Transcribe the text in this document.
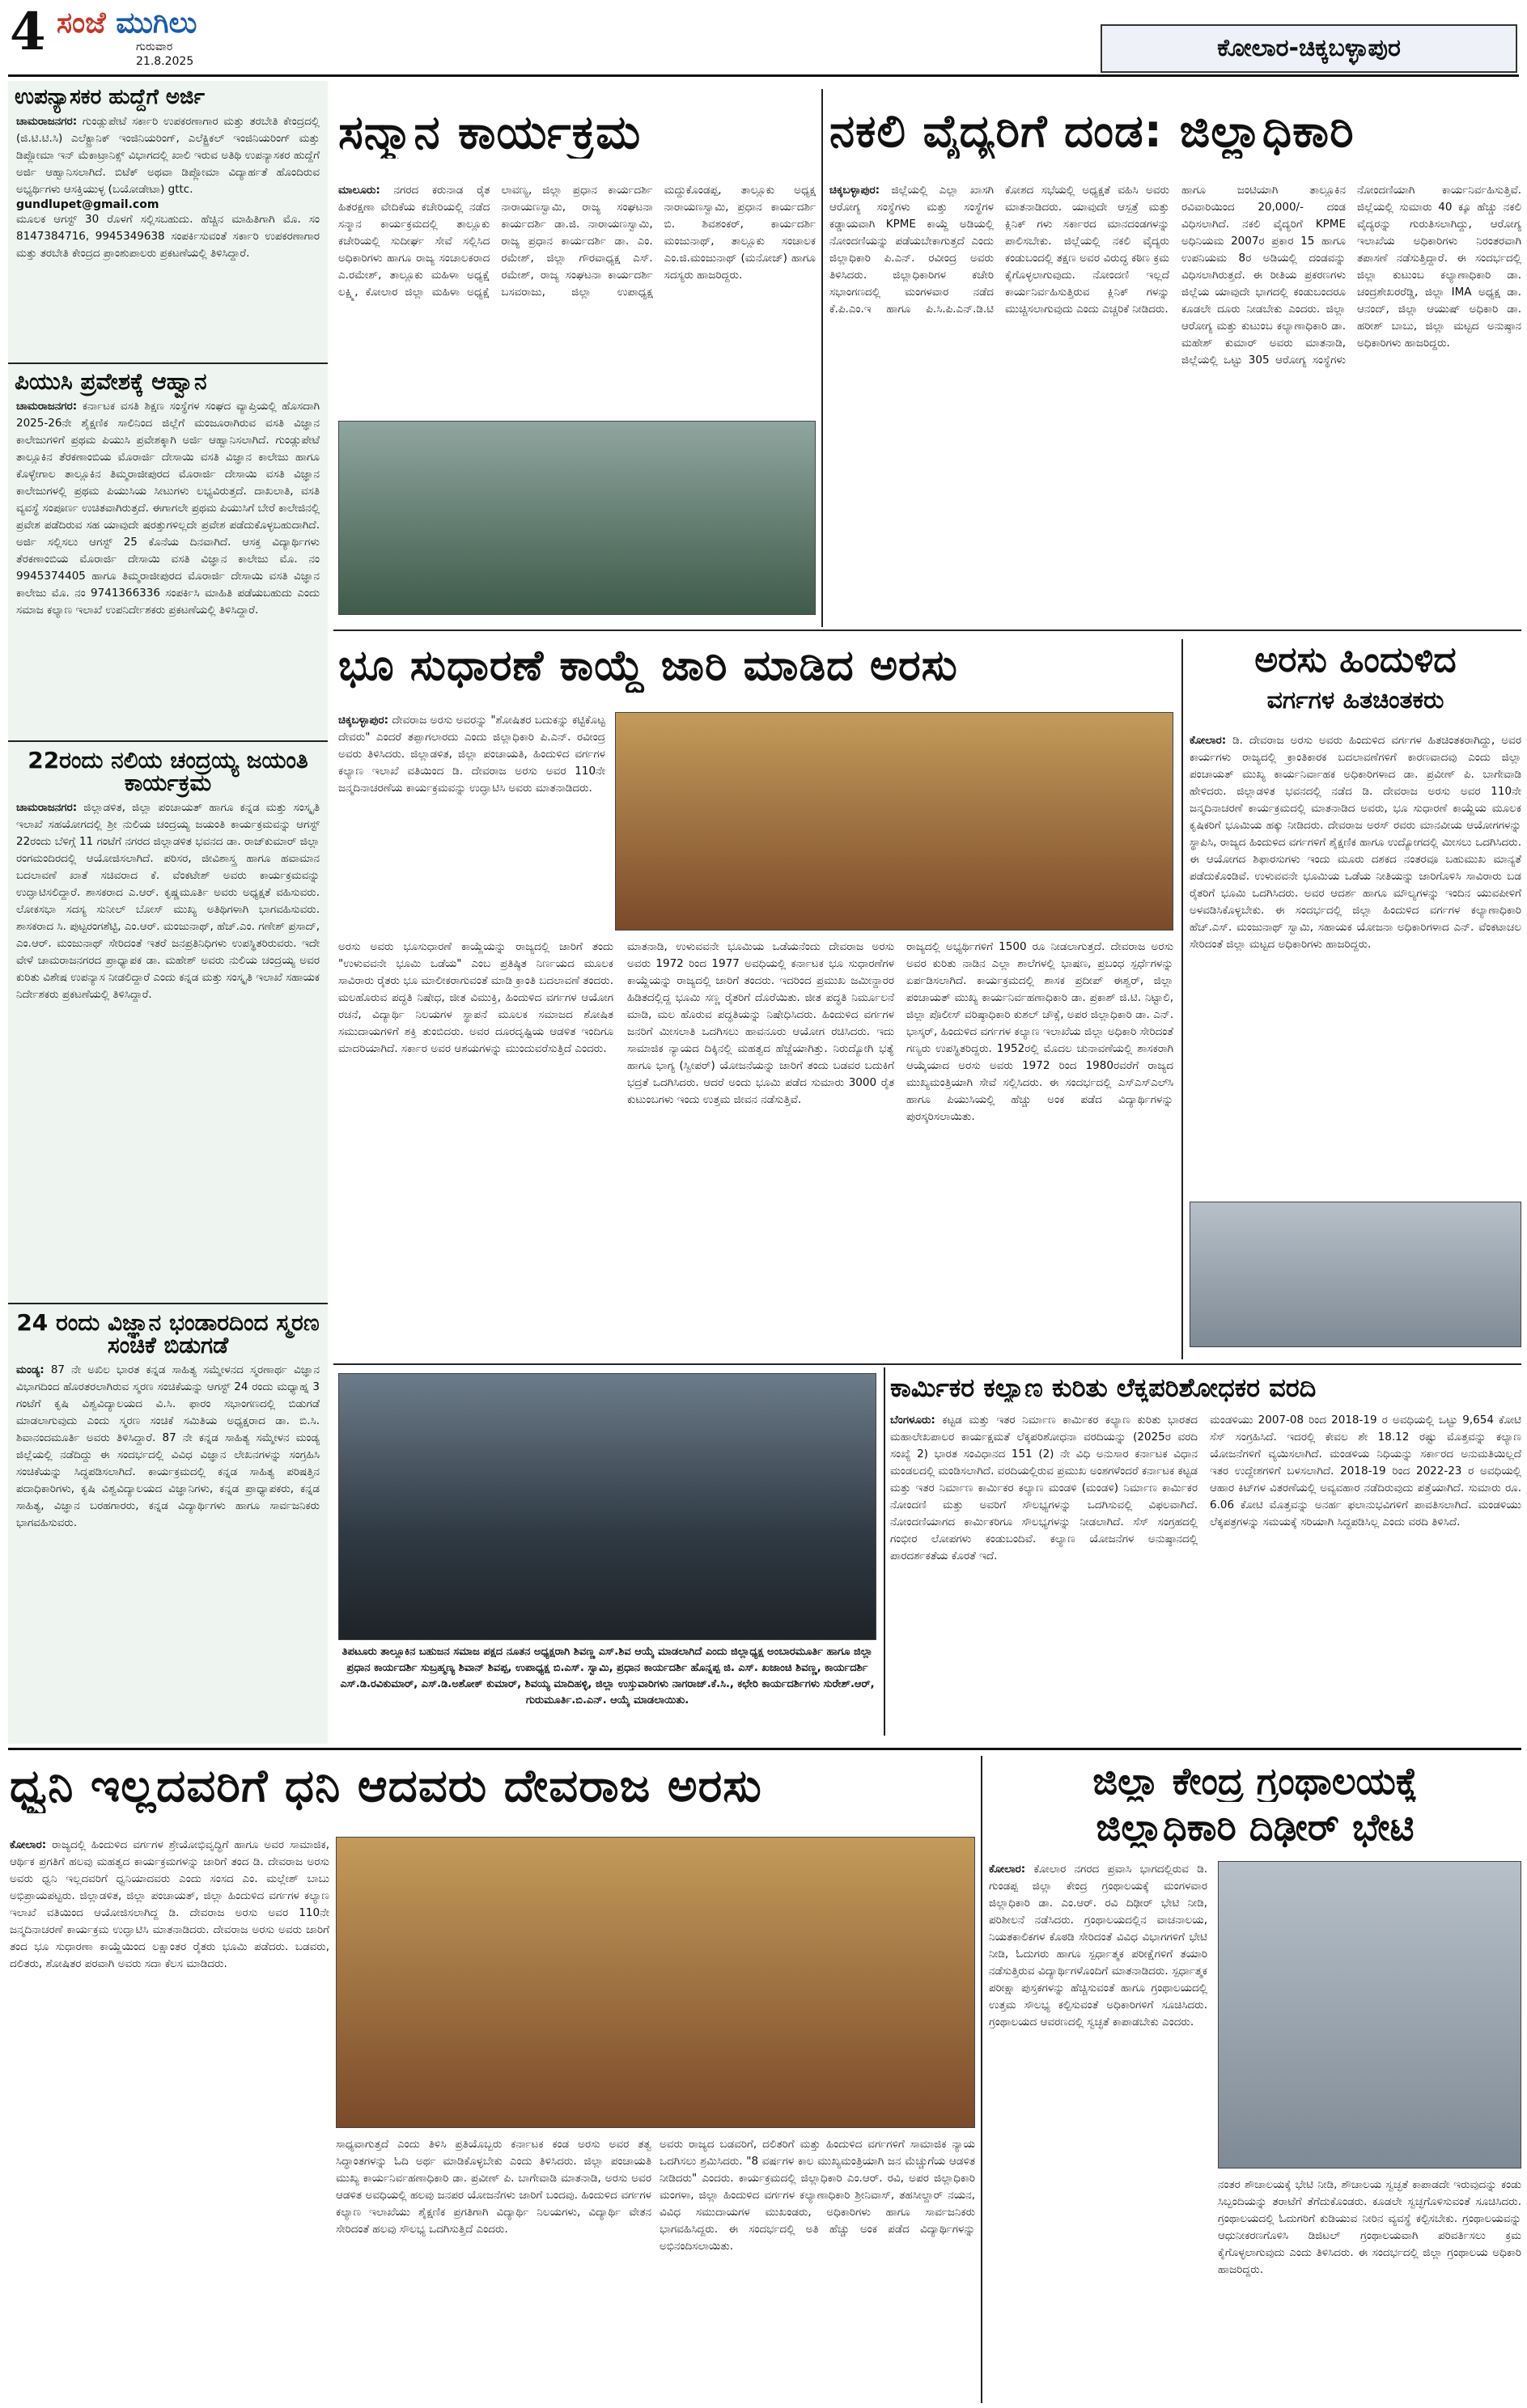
4 ಸಂಜೆ ಮುಗಿಲು
ಗುರುವಾರ
21.8.2025	ಕೋಲಾರ-ಚಿಕ್ಕಬಳ್ಳಾಪುರ
ಉಪನ್ಯಾಸಕರ ಹುದ್ದೆಗೆ ಅರ್ಜಿ
ಚಾಮರಾಜನಗರ: ಗುಂಡ್ಲುಪೇಟೆ ಸರ್ಕಾರಿ ಉಪಕರಣಾಗಾರ ಮತ್ತು ತರಬೇತಿ ಕೇಂದ್ರದಲ್ಲಿ (ಜಿ.ಟಿ.ಟಿ.ಸಿ) ಎಲೆಕ್ಟ್ರಾನಿಕ್ ಇಂಜಿನಿಯರಿಂಗ್, ಎಲೆಕ್ಟ್ರಿಕಲ್ ಇಂಜಿನಿಯರಿಂಗ್ ಮತ್ತು ಡಿಪ್ಲೋಮಾ ಇನ್ ಮೆಕಾಟ್ರಾನಿಕ್ಸ್ ವಿಭಾಗದಲ್ಲಿ ಖಾಲಿ ಇರುವ ಅತಿಥಿ ಉಪನ್ಯಾಸಕರ ಹುದ್ದೆಗೆ ಅರ್ಜಿ ಆಹ್ವಾನಿಸಲಾಗಿದೆ. ಬಿಟೆಕ್ ಅಥವಾ ಡಿಪ್ಲೋಮಾ ವಿದ್ಯಾರ್ಹತೆ ಹೊಂದಿರುವ ಅಭ್ಯರ್ಥಿಗಳು ಆಸಕ್ತಿಯುಳ್ಳ (ಬಯೋಡೇಟಾ) gttc.
gundlupet@gmail.com
ಮೂಲಕ ಆಗಸ್ಟ್ 30 ರೊಳಗೆ ಸಲ್ಲಿಸಬಹುದು. ಹೆಚ್ಚಿನ ಮಾಹಿತಿಗಾಗಿ ಮೊ. ಸಂ 8147384716, 9945349638 ಸಂಪರ್ಕಿಸುವಂತೆ ಸರ್ಕಾರಿ ಉಪಕರಣಾಗಾರ ಮತ್ತು ತರಬೇತಿ ಕೇಂದ್ರದ ಪ್ರಾಂಶುಪಾಲರು ಪ್ರಕಟಣೆಯಲ್ಲಿ ತಿಳಿಸಿದ್ದಾರೆ.
ಪಿಯುಸಿ ಪ್ರವೇಶಕ್ಕೆ ಆಹ್ವಾನ
ಚಾಮರಾಜನಗರ: ಕರ್ನಾಟಕ ವಸತಿ ಶಿಕ್ಷಣ ಸಂಸ್ಥೆಗಳ ಸಂಘದ ವ್ಯಾಪ್ತಿಯಲ್ಲಿ ಹೊಸದಾಗಿ 2025-26ನೇ ಶೈಕ್ಷಣಿಕ ಸಾಲಿನಿಂದ ಜಿಲ್ಲೆಗೆ ಮಂಜೂರಾಗಿರುವ ವಸತಿ ವಿಜ್ಞಾನ ಕಾಲೇಜುಗಳಿಗೆ ಪ್ರಥಮ ಪಿಯುಸಿ ಪ್ರವೇಶಕ್ಕಾಗಿ ಅರ್ಜಿ ಆಹ್ವಾನಿಸಲಾಗಿದೆ. ಗುಂಡ್ಲುಪೇಟೆ ತಾಲ್ಲೂಕಿನ ತೆರಕಣಾಂಬಿಯ ಮೊರಾರ್ಜಿ ದೇಸಾಯಿ ವಸತಿ ವಿಜ್ಞಾನ ಕಾಲೇಜು ಹಾಗೂ ಕೊಳ್ಳೇಗಾಲ ತಾಲ್ಲೂಕಿನ ತಿಮ್ಮರಾಜೀಪುರದ ಮೊರಾರ್ಜಿ ದೇಸಾಯಿ ವಸತಿ ವಿಜ್ಞಾನ ಕಾಲೇಜುಗಳಲ್ಲಿ ಪ್ರಥಮ ಪಿಯುಸಿಯ ಸೀಟುಗಳು ಲಭ್ಯವಿರುತ್ತದೆ. ದಾಖಲಾತಿ, ವಸತಿ ವ್ಯವಸ್ಥೆ ಸಂಪೂರ್ಣ ಉಚಿತವಾಗಿರುತ್ತದೆ. ಈಗಾಗಲೇ ಪ್ರಥಮ ಪಿಯುಸಿಗೆ ಬೇರೆ ಕಾಲೇಜಿನಲ್ಲಿ ಪ್ರವೇಶ ಪಡೆದಿರುವ ಸಹ ಯಾವುದೇ ಷರತ್ತುಗಳಿಲ್ಲದೇ ಪ್ರವೇಶ ಪಡೆದುಕೊಳ್ಳಬಹುದಾಗಿದೆ. ಅರ್ಜಿ ಸಲ್ಲಿಸಲು ಆಗಸ್ಟ್ 25 ಕೊನೆಯ ದಿನವಾಗಿದೆ. ಆಸಕ್ತ ವಿದ್ಯಾರ್ಥಿಗಳು ತೆರಕಣಾಂಬಿಯ ಮೊರಾರ್ಜಿ ದೇಸಾಯಿ ವಸತಿ ವಿಜ್ಞಾನ ಕಾಲೇಜು ಮೊ. ನಂ 9945374405 ಹಾಗೂ ತಿಮ್ಮರಾಜೀಪುರದ ಮೊರಾರ್ಜಿ ದೇಸಾಯಿ ವಸತಿ ವಿಜ್ಞಾನ ಕಾಲೇಜು ಮೊ. ನಂ 9741366336 ಸಂಪರ್ಕಿಸಿ ಮಾಹಿತಿ ಪಡೆಯಬಹುದು ಎಂದು ಸಮಾಜ ಕಲ್ಯಾಣ ಇಲಾಖೆ ಉಪನಿರ್ದೇಶಕರು ಪ್ರಕಟಣೆಯಲ್ಲಿ ತಿಳಿಸಿದ್ದಾರೆ.
22ರಂದು ನಲಿಯ ಚಂದ್ರಯ್ಯ ಜಯಂತಿ ಕಾರ್ಯಕ್ರಮ
ಚಾಮರಾಜನಗರ: ಜಿಲ್ಲಾಡಳಿತ, ಜಿಲ್ಲಾ ಪಂಚಾಯತ್ ಹಾಗೂ ಕನ್ನಡ ಮತ್ತು ಸಂಸ್ಕೃತಿ ಇಲಾಖೆ ಸಹಯೋಗದಲ್ಲಿ ಶ್ರೀ ನುಲಿಯ ಚಂದ್ರಯ್ಯ ಜಯಂತಿ ಕಾರ್ಯಕ್ರಮವನ್ನು ಆಗಸ್ಟ್ 22ರಂದು ಬೆಳಿಗ್ಗೆ 11 ಗಂಟೆಗೆ ನಗರದ ಜಿಲ್ಲಾಡಳಿತ ಭವನದ ಡಾ. ರಾಜ್‍ಕುಮಾರ್ ಜಿಲ್ಲಾ ರಂಗಮಂದಿರದಲ್ಲಿ ಆಯೋಜಿಸಲಾಗಿದೆ. ಪರಿಸರ, ಜೀವಿಶಾಸ್ತ್ರ ಹಾಗೂ ಹವಾಮಾನ ಬದಲಾವಣೆ ಖಾತೆ ಸಚಿವರಾದ ಕೆ. ವೆಂಕಟೇಶ್ ಅವರು ಕಾರ್ಯಕ್ರಮವನ್ನು ಉದ್ಘಾಟಿಸಲಿದ್ದಾರೆ. ಶಾಸಕರಾದ ಎ.ಆರ್. ಕೃಷ್ಣಮೂರ್ತಿ ಅವರು ಅಧ್ಯಕ್ಷತೆ ವಹಿಸುವರು. ಲೋಕಸಭಾ ಸದಸ್ಯ ಸುನೀಲ್ ಬೋಸ್ ಮುಖ್ಯ ಅತಿಥಿಗಳಾಗಿ ಭಾಗವಹಿಸುವರು. ಶಾಸಕರಾದ ಸಿ. ಪುಟ್ಟರಂಗಶೆಟ್ಟಿ, ಎಂ.ಆರ್. ಮಂಜುನಾಥ್, ಹೆಚ್.ಎಂ. ಗಣೇಶ್ ಪ್ರಸಾದ್, ಎಂ.ಆರ್. ಮಂಜುನಾಥ್ ಸೇರಿದಂತೆ ಇತರೆ ಜನಪ್ರತಿನಿಧಿಗಳು ಉಪಸ್ಥಿತರಿರುವರು. ಇದೇ ವೇಳೆ ಚಾಮರಾಜನಗರದ ಪ್ರಾಧ್ಯಾಪಕ ಡಾ. ಮಹೇಶ್ ಅವರು ನುಲಿಯ ಚಂದ್ರಯ್ಯ ಅವರ ಕುರಿತು ವಿಶೇಷ ಉಪನ್ಯಾಸ ನೀಡಲಿದ್ದಾರೆ ಎಂದು ಕನ್ನಡ ಮತ್ತು ಸಂಸ್ಕೃತಿ ಇಲಾಖೆ ಸಹಾಯಕ ನಿರ್ದೇಶಕರು ಪ್ರಕಟಣೆಯಲ್ಲಿ ತಿಳಿಸಿದ್ದಾರೆ.
24 ರಂದು ವಿಜ್ಞಾನ ಭಂಡಾರದಿಂದ ಸ್ಮರಣ ಸಂಚಿಕೆ ಬಿಡುಗಡೆ
ಮಂಡ್ಯ: 87 ನೇ ಅಖಿಲ ಭಾರತ ಕನ್ನಡ ಸಾಹಿತ್ಯ ಸಮ್ಮೇಳನದ ಸ್ಮರಣಾರ್ಥ ವಿಜ್ಞಾನ ವಿಭಾಗದಿಂದ ಹೊರತರಲಾಗಿರುವ ಸ್ಮರಣ ಸಂಚಿಕೆಯನ್ನು ಆಗಸ್ಟ್ 24 ರಂದು ಮಧ್ಯಾಹ್ನ 3 ಗಂಟೆಗೆ ಕೃಷಿ ವಿಶ್ವವಿದ್ಯಾಲಯದ ವಿ.ಸಿ. ಫಾರಂ ಸಭಾಂಗಣದಲ್ಲಿ ಬಿಡುಗಡೆ ಮಾಡಲಾಗುವುದು ಎಂದು ಸ್ಮರಣ ಸಂಚಿಕೆ ಸಮಿತಿಯ ಅಧ್ಯಕ್ಷರಾದ ಡಾ. ಬಿ.ಸಿ. ಶಿವಾನಂದಮೂರ್ತಿ ಅವರು ತಿಳಿಸಿದ್ದಾರೆ. 87 ನೇ ಕನ್ನಡ ಸಾಹಿತ್ಯ ಸಮ್ಮೇಳನ ಮಂಡ್ಯ ಜಿಲ್ಲೆಯಲ್ಲಿ ನಡೆದಿದ್ದು ಈ ಸಂದರ್ಭದಲ್ಲಿ ವಿವಿಧ ವಿಜ್ಞಾನ ಲೇಖನಗಳನ್ನು ಸಂಗ್ರಹಿಸಿ ಸಂಚಿಕೆಯನ್ನು ಸಿದ್ಧಪಡಿಸಲಾಗಿದೆ. ಕಾರ್ಯಕ್ರಮದಲ್ಲಿ ಕನ್ನಡ ಸಾಹಿತ್ಯ ಪರಿಷತ್ತಿನ ಪದಾಧಿಕಾರಿಗಳು, ಕೃಷಿ ವಿಶ್ವವಿದ್ಯಾಲಯದ ವಿಜ್ಞಾನಿಗಳು, ಕನ್ನಡ ಪ್ರಾಧ್ಯಾಪಕರು, ಕನ್ನಡ ಸಾಹಿತ್ಯ, ವಿಜ್ಞಾನ ಬರಹಗಾರರು, ಕನ್ನಡ ವಿದ್ಯಾರ್ಥಿಗಳು ಹಾಗೂ ಸಾರ್ವಜನಿಕರು ಭಾಗವಹಿಸುವರು.
ಸನ್ಮಾನ ಕಾರ್ಯಕ್ರಮ
ಮಾಲೂರು: ನಗರದ ಕರುನಾಡ ರೈತ ಹಿತರಕ್ಷಣಾ ವೇದಿಕೆಯ ಕಚೇರಿಯಲ್ಲಿ ನಡೆದ ಸನ್ಮಾನ ಕಾರ್ಯಕ್ರಮದಲ್ಲಿ ತಾಲ್ಲೂಕು ಕಚೇರಿಯಲ್ಲಿ ಸುದೀರ್ಘ ಸೇವೆ ಸಲ್ಲಿಸಿದ ಅಧಿಕಾರಿಗಳು ಹಾಗೂ ರಾಜ್ಯ ಸಂಚಾಲಕರಾದ ಎ.ರಮೇಶ್, ತಾಲ್ಲೂಕು ಮಹಿಳಾ ಅಧ್ಯಕ್ಷೆ ಲಕ್ಷ್ಮಿ, ಕೋಲಾರ ಜಿಲ್ಲಾ ಮಹಿಳಾ ಅಧ್ಯಕ್ಷೆ ಲಾವಣ್ಯ, ಜಿಲ್ಲಾ ಪ್ರಧಾನ ಕಾರ್ಯದರ್ಶಿ ನಾರಾಯಣಸ್ವಾಮಿ, ರಾಜ್ಯ ಸಂಘಟನಾ ಕಾರ್ಯದರ್ಶಿ ಡಾ.ಜಿ. ನಾರಾಯಣಸ್ವಾಮಿ, ರಾಜ್ಯ ಪ್ರಧಾನ ಕಾರ್ಯದರ್ಶಿ ಡಾ. ಎಂ. ರಮೇಶ್, ಜಿಲ್ಲಾ ಗೌರವಾಧ್ಯಕ್ಷ ಎಸ್. ರಮೇಶ್, ರಾಜ್ಯ ಸಂಘಟನಾ ಕಾರ್ಯದರ್ಶಿ ಬಸವರಾಜು, ಜಿಲ್ಲಾ ಉಪಾಧ್ಯಕ್ಷ ಮದ್ದುಕೊಂಡಪ್ಪ, ತಾಲ್ಲೂಕು ಅಧ್ಯಕ್ಷ ನಾರಾಯಣಸ್ವಾಮಿ, ಪ್ರಧಾನ ಕಾರ್ಯದರ್ಶಿ ಬಿ. ಶಿವಶಂಕರ್, ಕಾರ್ಯದರ್ಶಿ ಮಂಜುನಾಥ್, ತಾಲ್ಲೂಕು ಸಂಚಾಲಕ ಎಂ.ಜಿ.ಮಂಜುನಾಥ್ (ಮನೋಜ್) ಹಾಗೂ ಸದಸ್ಯರು ಹಾಜರಿದ್ದರು.
ನಕಲಿ ವೈದ್ಯರಿಗೆ ದಂಡ: ಜಿಲ್ಲಾಧಿಕಾರಿ
ಚಿಕ್ಕಬಳ್ಳಾಪುರ: ಜಿಲ್ಲೆಯಲ್ಲಿ ಎಲ್ಲಾ ಖಾಸಗಿ ಆರೋಗ್ಯ ಸಂಸ್ಥೆಗಳು ಮತ್ತು ಸಂಸ್ಥೆಗಳ ಕಡ್ಡಾಯವಾಗಿ KPME ಕಾಯ್ದೆ ಅಡಿಯಲ್ಲಿ ನೋಂದಣಿಯನ್ನು ಪಡೆಯಬೇಕಾಗುತ್ತದೆ ಎಂದು ಜಿಲ್ಲಾಧಿಕಾರಿ ಪಿ.ಎನ್. ರವೀಂದ್ರ ಅವರು ತಿಳಿಸಿದರು. ಜಿಲ್ಲಾಧಿಕಾರಿಗಳ ಕಚೇರಿ ಸಭಾಂಗಣದಲ್ಲಿ ಮಂಗಳವಾರ ನಡೆದ ಕೆ.ಪಿ.ಎಂ.ಇ ಹಾಗೂ ಪಿ.ಸಿ.ಪಿ.ಎನ್.ಡಿ.ಟಿ ಕೋಶದ ಸಭೆಯಲ್ಲಿ ಅಧ್ಯಕ್ಷತೆ ವಹಿಸಿ ಅವರು ಮಾತನಾಡಿದರು. ಯಾವುದೇ ಆಸ್ಪತ್ರೆ ಮತ್ತು ಕ್ಲಿನಿಕ್ ಗಳು ಸರ್ಕಾರದ ಮಾನದಂಡಗಳನ್ನು ಪಾಲಿಸಬೇಕು. ಜಿಲ್ಲೆಯಲ್ಲಿ ನಕಲಿ ವೈದ್ಯರು ಕಂಡುಬಂದಲ್ಲಿ ತಕ್ಷಣ ಅವರ ವಿರುದ್ಧ ಕಠಿಣ ಕ್ರಮ ಕೈಗೊಳ್ಳಲಾಗುವುದು. ನೋಂದಣಿ ಇಲ್ಲದೆ ಕಾರ್ಯನಿರ್ವಹಿಸುತ್ತಿರುವ ಕ್ಲಿನಿಕ್ ಗಳನ್ನು ಮುಚ್ಚಿಸಲಾಗುವುದು ಎಂದು ಎಚ್ಚರಿಕೆ ನೀಡಿದರು.
ಹಾಗೂ ಜಂಟಿಯಾಗಿ ತಾಲ್ಲೂಕಿನ ರವಿವಾರಿಯಿಂದ 20,000/- ದಂಡ ವಿಧಿಸಲಾಗಿದೆ. ನಕಲಿ ವೈದ್ಯರಿಗೆ KPME ಅಧಿನಿಯಮ 2007ರ ಪ್ರಕಾರ 15 ಹಾಗೂ ಉಪನಿಯಮ 8ರ ಅಡಿಯಲ್ಲಿ ದಂಡವನ್ನು ವಿಧಿಸಲಾಗಿರುತ್ತದೆ. ಈ ರೀತಿಯ ಪ್ರಕರಣಗಳು ಜಿಲ್ಲೆಯ ಯಾವುದೇ ಭಾಗದಲ್ಲಿ ಕಂಡುಬಂದರೂ ಕೂಡಲೇ ದೂರು ನೀಡಬೇಕು ಎಂದರು. ಜಿಲ್ಲಾ ಆರೋಗ್ಯ ಮತ್ತು ಕುಟುಂಬ ಕಲ್ಯಾಣಾಧಿಕಾರಿ ಡಾ. ಮಹೇಶ್ ಕುಮಾರ್ ಅವರು ಮಾತನಾಡಿ, ಜಿಲ್ಲೆಯಲ್ಲಿ ಒಟ್ಟು 305 ಆರೋಗ್ಯ ಸಂಸ್ಥೆಗಳು ನೋಂದಣಿಯಾಗಿ ಕಾರ್ಯನಿರ್ವಹಿಸುತ್ತಿವೆ. ಜಿಲ್ಲೆಯಲ್ಲಿ ಸುಮಾರು 40 ಕ್ಕೂ ಹೆಚ್ಚು ನಕಲಿ ವೈದ್ಯರನ್ನು ಗುರುತಿಸಲಾಗಿದ್ದು, ಆರೋಗ್ಯ ಇಲಾಖೆಯ ಅಧಿಕಾರಿಗಳು ನಿರಂತರವಾಗಿ ತಪಾಸಣೆ ನಡೆಸುತ್ತಿದ್ದಾರೆ. ಈ ಸಂದರ್ಭದಲ್ಲಿ ಜಿಲ್ಲಾ ಕುಟುಂಬ ಕಲ್ಯಾಣಾಧಿಕಾರಿ ಡಾ. ಚಂದ್ರಶೇಖರರೆಡ್ಡಿ, ಜಿಲ್ಲಾ IMA ಅಧ್ಯಕ್ಷ ಡಾ. ಆನಂದ್, ಜಿಲ್ಲಾ ಆಯುಷ್ ಅಧಿಕಾರಿ ಡಾ. ಹರೀಶ್ ಬಾಬು, ಜಿಲ್ಲಾ ಮಟ್ಟದ ಅನುಷ್ಠಾನ ಅಧಿಕಾರಿಗಳು ಹಾಜರಿದ್ದರು.
ಭೂ ಸುಧಾರಣೆ ಕಾಯ್ದೆ ಜಾರಿ ಮಾಡಿದ ಅರಸು
ಚಿಕ್ಕಬಳ್ಳಾಪುರ: ದೇವರಾಜ ಅರಸು ಅವರನ್ನು "ಶೋಷಿತರ ಬದುಕನ್ನು ಕಟ್ಟಿಕೊಟ್ಟ ದೇವರು" ಎಂದರೆ ತಪ್ಪಾಗಲಾರದು ಎಂದು ಜಿಲ್ಲಾಧಿಕಾರಿ ಪಿ.ಎನ್. ರವೀಂದ್ರ ಅವರು ತಿಳಿಸಿದರು. ಜಿಲ್ಲಾಡಳಿತ, ಜಿಲ್ಲಾ ಪಂಚಾಯತಿ, ಹಿಂದುಳಿದ ವರ್ಗಗಳ ಕಲ್ಯಾಣ ಇಲಾಖೆ ವತಿಯಿಂದ ಡಿ. ದೇವರಾಜ ಅರಸು ಅವರ 110ನೇ ಜನ್ಮದಿನಾಚರಣೆಯ ಕಾರ್ಯಕ್ರಮವನ್ನು ಉದ್ಘಾಟಿಸಿ ಅವರು ಮಾತನಾಡಿದರು.
ಅರಸು ಅವರು ಭೂಸುಧಾರಣೆ ಕಾಯ್ದೆಯನ್ನು ರಾಜ್ಯದಲ್ಲಿ ಜಾರಿಗೆ ತಂದು "ಉಳುವವನೇ ಭೂಮಿ ಒಡೆಯ" ಎಂಬ ಪ್ರತಿಷ್ಠಿತ ನಿರ್ಣಯದ ಮೂಲಕ ಸಾವಿರಾರು ರೈತರು ಭೂ ಮಾಲೀಕರಾಗುವಂತೆ ಮಾಡಿ ಕ್ರಾಂತಿ ಬದಲಾವಣೆ ತಂದರು. ಮಲಹೊರುವ ಪದ್ಧತಿ ನಿಷೇಧ, ಜೀತ ವಿಮುಕ್ತಿ, ಹಿಂದುಳಿದ ವರ್ಗಗಳ ಆಯೋಗ ರಚನೆ, ವಿದ್ಯಾರ್ಥಿ ನಿಲಯಗಳ ಸ್ಥಾಪನೆ ಮೂಲಕ ಸಮಾಜದ ಶೋಷಿತ ಸಮುದಾಯಗಳಿಗೆ ಶಕ್ತಿ ತುಂಬಿದರು. ಅವರ ದೂರದೃಷ್ಟಿಯ ಆಡಳಿತ ಇಂದಿಗೂ ಮಾದರಿಯಾಗಿದೆ. ಸರ್ಕಾರ ಅವರ ಆಶಯಗಳನ್ನು ಮುಂದುವರೆಸುತ್ತಿದೆ ಎಂದರು.
ಮಾತನಾಡಿ, ಉಳುವವನೇ ಭೂಮಿಯ ಒಡೆಯನೆಂದು ದೇವರಾಜ ಅರಸು ಅವರು 1972 ರಿಂದ 1977 ಅವಧಿಯಲ್ಲಿ ಕರ್ನಾಟಕ ಭೂ ಸುಧಾರಣೆಗಳ ಕಾಯ್ದೆಯನ್ನು ರಾಜ್ಯದಲ್ಲಿ ಜಾರಿಗೆ ತಂದರು. ಇದರಿಂದ ಪ್ರಮುಖ ಜಮೀನ್ದಾರರ ಹಿಡಿತದಲ್ಲಿದ್ದ ಭೂಮಿ ಸಣ್ಣ ರೈತರಿಗೆ ದೊರೆಯಿತು. ಜೀತ ಪದ್ಧತಿ ನಿರ್ಮೂಲನೆ ಮಾಡಿ, ಮಲ ಹೊರುವ ಪದ್ಧತಿಯನ್ನು ನಿಷೇಧಿಸಿದರು. ಹಿಂದುಳಿದ ವರ್ಗಗಳ ಜನರಿಗೆ ಮೀಸಲಾತಿ ಒದಗಿಸಲು ಹಾವನೂರು ಆಯೋಗ ರಚಿಸಿದರು. ಇದು ಸಾಮಾಜಿಕ ನ್ಯಾಯದ ದಿಕ್ಕಿನಲ್ಲಿ ಮಹತ್ವದ ಹೆಜ್ಜೆಯಾಗಿತ್ತು. ನಿರುದ್ಯೋಗಿ ಭತ್ಯೆ ಹಾಗೂ ಭಾಗ್ಯ (ಸ್ವೀಪರ್) ಯೋಜನೆಯನ್ನು ಜಾರಿಗೆ ತಂದು ಬಡವರ ಬದುಕಿಗೆ ಭದ್ರತೆ ಒದಗಿಸಿದರು. ಆದರೆ ಅಂದು ಭೂಮಿ ಪಡೆದ ಸುಮಾರು 3000 ರೈತ ಕುಟುಂಬಗಳು ಇಂದು ಉತ್ತಮ ಜೀವನ ನಡೆಸುತ್ತಿವೆ.
ರಾಜ್ಯದಲ್ಲಿ ಅಭ್ಯರ್ಥಿಗಳಿಗೆ 1500 ರೂ ನೀಡಲಾಗುತ್ತದೆ. ದೇವರಾಜ ಅರಸು ಅವರ ಕುರಿತು ನಾಡಿನ ಎಲ್ಲಾ ಶಾಲೆಗಳಲ್ಲಿ ಭಾಷಣ, ಪ್ರಬಂಧ ಸ್ಪರ್ಧೆಗಳನ್ನು ಏರ್ಪಡಿಸಲಾಗಿದೆ. ಕಾರ್ಯಕ್ರಮದಲ್ಲಿ ಶಾಸಕ ಪ್ರದೀಪ್ ಈಶ್ವರ್, ಜಿಲ್ಲಾ ಪಂಚಾಯತ್ ಮುಖ್ಯ ಕಾರ್ಯನಿರ್ವಹಣಾಧಿಕಾರಿ ಡಾ. ಪ್ರಕಾಶ್ ಜಿ.ಟಿ. ನಿಟ್ಟಾಲಿ, ಜಿಲ್ಲಾ ಪೊಲೀಸ್ ವರಿಷ್ಠಾಧಿಕಾರಿ ಕುಶಲ್ ಚೌಕ್ಸೆ, ಅಪರ ಜಿಲ್ಲಾಧಿಕಾರಿ ಡಾ. ಎನ್. ಭಾಸ್ಕರ್, ಹಿಂದುಳಿದ ವರ್ಗಗಳ ಕಲ್ಯಾಣ ಇಲಾಖೆಯ ಜಿಲ್ಲಾ ಅಧಿಕಾರಿ ಸೇರಿದಂತೆ ಗಣ್ಯರು ಉಪಸ್ಥಿತರಿದ್ದರು. 1952ರಲ್ಲಿ ಮೊದಲ ಚುನಾವಣೆಯಲ್ಲಿ ಶಾಸಕರಾಗಿ ಆಯ್ಕೆಯಾದ ಅರಸು ಅವರು 1972 ರಿಂದ 1980ರವರೆಗೆ ರಾಜ್ಯದ ಮುಖ್ಯಮಂತ್ರಿಯಾಗಿ ಸೇವೆ ಸಲ್ಲಿಸಿದರು. ಈ ಸಂದರ್ಭದಲ್ಲಿ ಎಸ್‍ಎಸ್‍ಎಲ್‍ಸಿ ಹಾಗೂ ಪಿಯುಸಿಯಲ್ಲಿ ಹೆಚ್ಚು ಅಂಕ ಪಡೆದ ವಿದ್ಯಾರ್ಥಿಗಳನ್ನು ಪುರಸ್ಕರಿಸಲಾಯಿತು.
ಅರಸು ಹಿಂದುಳಿದ
ವರ್ಗಗಳ ಹಿತಚಿಂತಕರು
ಕೋಲಾರ: ಡಿ. ದೇವರಾಜ ಅರಸು ಅವರು ಹಿಂದುಳಿದ ವರ್ಗಗಳ ಹಿತಚಿಂತಕರಾಗಿದ್ದು, ಅವರ ಕಾರ್ಯಗಳು ರಾಜ್ಯದಲ್ಲಿ ಕ್ರಾಂತಿಕಾರಕ ಬದಲಾವಣೆಗಳಿಗೆ ಕಾರಣವಾದವು ಎಂದು ಜಿಲ್ಲಾ ಪಂಚಾಯತ್ ಮುಖ್ಯ ಕಾರ್ಯನಿರ್ವಾಹಕ ಅಧಿಕಾರಿಗಳಾದ ಡಾ. ಪ್ರವೀಣ್ ಪಿ. ಬಾಗೇವಾಡಿ ಹೇಳಿದರು. ಜಿಲ್ಲಾಡಳಿತ ಭವನದಲ್ಲಿ ನಡೆದ ಡಿ. ದೇವರಾಜ ಅರಸು ಅವರ 110ನೇ ಜನ್ಮದಿನಾಚರಣೆ ಕಾರ್ಯಕ್ರಮದಲ್ಲಿ ಮಾತನಾಡಿದ ಅವರು, ಭೂ ಸುಧಾರಣೆ ಕಾಯ್ದೆಯ ಮೂಲಕ ಕೃಷಿಕರಿಗೆ ಭೂಮಿಯ ಹಕ್ಕು ನೀಡಿದರು. ದೇವರಾಜ ಅರಸ್ ರವರು ಮಾನವೀಯ ಆಯೋಗಗಳನ್ನು ಸ್ಥಾಪಿಸಿ, ರಾಜ್ಯದ ಹಿಂದುಳಿದ ವರ್ಗಗಳಿಗೆ ಶೈಕ್ಷಣಿಕ ಹಾಗೂ ಉದ್ಯೋಗದಲ್ಲಿ ಮೀಸಲು ಒದಗಿಸಿದರು. ಈ ಆಯೋಗದ ಶಿಫಾರಸುಗಳು ಇಂದು ಮೂರು ದಶಕದ ನಂತರವೂ ಬಹುಮುಖ ಮಾನ್ಯತೆ ಪಡೆದುಕೊಂಡಿವೆ. ಉಳುವವನೇ ಭೂಮಿಯ ಒಡೆಯ ನೀತಿಯನ್ನು ಜಾರಿಗೊಳಿಸಿ ಸಾವಿರಾರು ಬಡ ರೈತರಿಗೆ ಭೂಮಿ ಒದಗಿಸಿದರು. ಅವರ ಆದರ್ಶ ಹಾಗೂ ಮೌಲ್ಯಗಳನ್ನು ಇಂದಿನ ಯುವಪೀಳಿಗೆ ಅಳವಡಿಸಿಕೊಳ್ಳಬೇಕು. ಈ ಸಂದರ್ಭದಲ್ಲಿ ಜಿಲ್ಲಾ ಹಿಂದುಳಿದ ವರ್ಗಗಳ ಕಲ್ಯಾಣಾಧಿಕಾರಿ ಹೆಚ್.ಎಸ್. ಮಂಜುನಾಥ್ ಸ್ವಾಮಿ, ಸಹಾಯಕ ಯೋಜನಾ ಅಧಿಕಾರಿಗಳಾದ ಎನ್. ವೆಂಕಟಾಚಲ ಸೇರಿದಂತೆ ಜಿಲ್ಲಾ ಮಟ್ಟದ ಅಧಿಕಾರಿಗಳು ಹಾಜರಿದ್ದರು.
ತಿಪಟೂರು ತಾಲ್ಲೂಕಿನ ಬಹುಜನ ಸಮಾಜ ಪಕ್ಷದ ನೂತನ ಅಧ್ಯಕ್ಷರಾಗಿ ಶಿವಣ್ಣ ಎಸ್.ಶಿವ ಆಯ್ಕೆ ಮಾಡಲಾಗಿದೆ ಎಂದು ಜಿಲ್ಲಾಧ್ಯಕ್ಷ ಅಂಬಾರಮೂರ್ತಿ ಹಾಗೂ ಜಿಲ್ಲಾ ಪ್ರಧಾನ ಕಾರ್ಯದರ್ಶಿ ಸುಬ್ರಹ್ಮಣ್ಯ ಶಿವಾನ್ ಶಿವಪ್ಪ, ಉಪಾಧ್ಯಕ್ಷ ಬಿ.ಎಸ್. ಸ್ವಾಮಿ, ಪ್ರಧಾನ ಕಾರ್ಯದರ್ಶಿ ಹೊನ್ನಪ್ಪ ಜಿ. ಎಸ್. ಖಜಾಂಚಿ ಶಿವಣ್ಣ, ಕಾರ್ಯದರ್ಶಿ ಎಸ್.ಡಿ.ರವಿಕುಮಾರ್, ಎಸ್.ಡಿ.ಅಶೋಕ್ ಕುಮಾರ್, ಶಿವಯ್ಯ ಮಾದಿಹಳ್ಳಿ, ಜಿಲ್ಲಾ ಉಸ್ತುವಾರಿಗಳು ನಾಗರಾಜ್.ಕೆ.ಸಿ., ಕಛೇರಿ ಕಾರ್ಯದರ್ಶಿಗಳು ಸುರೇಶ್.ಆರ್, ಗುರುಮೂರ್ತಿ.ಬಿ.ಎನ್. ಆಯ್ಕೆ ಮಾಡಲಾಯಿತು.
ಕಾರ್ಮಿಕರ ಕಲ್ಯಾಣ ಕುರಿತು ಲೆಕ್ಕಪರಿಶೋಧಕರ ವರದಿ
ಬೆಂಗಳೂರು: ಕಟ್ಟಡ ಮತ್ತು ಇತರ ನಿರ್ಮಾಣ ಕಾರ್ಮಿಕರ ಕಲ್ಯಾಣ ಕುರಿತು ಭಾರತದ ಮಹಾಲೇಖಪಾಲರ ಕಾರ್ಯಕ್ಷಮತೆ ಲೆಕ್ಕಪರಿಶೋಧನಾ ವರದಿಯನ್ನು (2025ರ ವರದಿ ಸಂಖ್ಯೆ 2) ಭಾರತ ಸಂವಿಧಾನದ 151 (2) ನೇ ವಿಧಿ ಅನುಸಾರ ಕರ್ನಾಟಕ ವಿಧಾನ ಮಂಡಲದಲ್ಲಿ ಮಂಡಿಸಲಾಗಿದೆ. ವರದಿಯಲ್ಲಿರುವ ಪ್ರಮುಖ ಅಂಶಗಳೆಂದರೆ ಕರ್ನಾಟಕ ಕಟ್ಟಡ ಮತ್ತು ಇತರ ನಿರ್ಮಾಣ ಕಾರ್ಮಿಕರ ಕಲ್ಯಾಣ ಮಂಡಳಿ (ಮಂಡಳಿ) ನಿರ್ಮಾಣ ಕಾರ್ಮಿಕರ ನೋಂದಣಿ ಮತ್ತು ಅವರಿಗೆ ಸೌಲಭ್ಯಗಳನ್ನು ಒದಗಿಸುವಲ್ಲಿ ವಿಫಲವಾಗಿದೆ. ನೋಂದಣಿಯಾಗದ ಕಾರ್ಮಿಕರಿಗೂ ಸೌಲಭ್ಯಗಳನ್ನು ನೀಡಲಾಗಿದೆ. ಸೆಸ್ ಸಂಗ್ರಹದಲ್ಲಿ ಗಂಭೀರ ಲೋಪಗಳು ಕಂಡುಬಂದಿವೆ. ಕಲ್ಯಾಣ ಯೋಜನೆಗಳ ಅನುಷ್ಠಾನದಲ್ಲಿ ಪಾರದರ್ಶಕತೆಯ ಕೊರತೆ ಇದೆ.
ಮಂಡಳಿಯು 2007-08 ರಿಂದ 2018-19 ರ ಅವಧಿಯಲ್ಲಿ ಒಟ್ಟು 9,654 ಕೋಟಿ ಸೆಸ್ ಸಂಗ್ರಹಿಸಿದೆ. ಇದರಲ್ಲಿ ಕೇವಲ ಶೇ 18.12 ರಷ್ಟು ಮೊತ್ತವನ್ನು ಕಲ್ಯಾಣ ಯೋಜನೆಗಳಿಗೆ ವ್ಯಯಿಸಲಾಗಿದೆ. ಮಂಡಳಿಯ ನಿಧಿಯನ್ನು ಸರ್ಕಾರದ ಅನುಮತಿಯಿಲ್ಲದೆ ಇತರ ಉದ್ದೇಶಗಳಿಗೆ ಬಳಸಲಾಗಿದೆ. 2018-19 ರಿಂದ 2022-23 ರ ಅವಧಿಯಲ್ಲಿ ಆಹಾರ ಕಿಟ್‍ಗಳ ವಿತರಣೆಯಲ್ಲಿ ಅವ್ಯವಹಾರ ನಡೆದಿರುವುದು ಪತ್ತೆಯಾಗಿದೆ. ಸುಮಾರು ರೂ. 6.06 ಕೋಟಿ ಮೊತ್ತವನ್ನು ಅನರ್ಹ ಫಲಾನುಭವಿಗಳಿಗೆ ಪಾವತಿಸಲಾಗಿದೆ. ಮಂಡಳಿಯು ಲೆಕ್ಕಪತ್ರಗಳನ್ನು ಸಮಯಕ್ಕೆ ಸರಿಯಾಗಿ ಸಿದ್ಧಪಡಿಸಿಲ್ಲ ಎಂದು ವರದಿ ತಿಳಿಸಿದೆ.
ಧ್ವನಿ ಇಲ್ಲದವರಿಗೆ ಧನಿ ಆದವರು ದೇವರಾಜ ಅರಸು
ಕೋಲಾರ: ರಾಜ್ಯದಲ್ಲಿ ಹಿಂದುಳಿದ ವರ್ಗಗಳ ಶ್ರೇಯೋಭಿವೃದ್ಧಿಗೆ ಹಾಗೂ ಅವರ ಸಾಮಾಜಿಕ, ಆರ್ಥಿಕ ಪ್ರಗತಿಗೆ ಹಲವು ಮಹತ್ವದ ಕಾರ್ಯಕ್ರಮಗಳನ್ನು ಜಾರಿಗೆ ತಂದ ಡಿ. ದೇವರಾಜ ಅರಸು ಅವರು ಧ್ವನಿ ಇಲ್ಲದವರಿಗೆ ಧ್ವನಿಯಾದವರು ಎಂದು ಸಂಸದ ಎಂ. ಮಲ್ಲೇಶ್ ಬಾಬು ಅಭಿಪ್ರಾಯಪಟ್ಟರು. ಜಿಲ್ಲಾಡಳಿತ, ಜಿಲ್ಲಾ ಪಂಚಾಯತ್, ಜಿಲ್ಲಾ ಹಿಂದುಳಿದ ವರ್ಗಗಳ ಕಲ್ಯಾಣ ಇಲಾಖೆ ವತಿಯಿಂದ ಆಯೋಜಿಸಲಾಗಿದ್ದ ಡಿ. ದೇವರಾಜ ಅರಸು ಅವರ 110ನೇ ಜನ್ಮದಿನಾಚರಣೆ ಕಾರ್ಯಕ್ರಮ ಉದ್ಘಾಟಿಸಿ ಮಾತನಾಡಿದರು. ದೇವರಾಜ ಅರಸು ಅವರು ಜಾರಿಗೆ ತಂದ ಭೂ ಸುಧಾರಣಾ ಕಾಯ್ದೆಯಿಂದ ಲಕ್ಷಾಂತರ ರೈತರು ಭೂಮಿ ಪಡೆದರು. ಬಡವರು, ದಲಿತರು, ಶೋಷಿತರ ಪರವಾಗಿ ಅವರು ಸದಾ ಕೆಲಸ ಮಾಡಿದರು.
ಸಾಧ್ಯವಾಗುತ್ತದೆ ಎಂದು ತಿಳಿಸಿ ಪ್ರತಿಯೊಬ್ಬರು ಕರ್ನಾಟಕ ಕಂಡ ಅರಸು ಅವರ ತತ್ವ ಸಿದ್ಧಾಂತಗಳನ್ನು ಓದಿ ಅರ್ಥ ಮಾಡಿಕೊಳ್ಳಬೇಕು ಎಂದು ತಿಳಿಸಿದರು. ಜಿಲ್ಲಾ ಪಂಚಾಯತಿ ಮುಖ್ಯ ಕಾರ್ಯನಿರ್ವಹಣಾಧಿಕಾರಿ ಡಾ. ಪ್ರವೀಣ್ ಪಿ. ಬಾಗೇವಾಡಿ ಮಾತನಾಡಿ, ಅರಸು ಅವರ ಆಡಳಿತ ಅವಧಿಯಲ್ಲಿ ಹಲವು ಜನಪರ ಯೋಜನೆಗಳು ಜಾರಿಗೆ ಬಂದವು. ಹಿಂದುಳಿದ ವರ್ಗಗಳ ಕಲ್ಯಾಣ ಇಲಾಖೆಯು ಶೈಕ್ಷಣಿಕ ಪ್ರಗತಿಗಾಗಿ ವಿದ್ಯಾರ್ಥಿ ನಿಲಯಗಳು, ವಿದ್ಯಾರ್ಥಿ ವೇತನ ಸೇರಿದಂತೆ ಹಲವು ಸೌಲಭ್ಯ ಒದಗಿಸುತ್ತಿದೆ ಎಂದರು.
ಅವರು ರಾಜ್ಯದ ಬಡವರಿಗೆ, ದಲಿತರಿಗೆ ಮತ್ತು ಹಿಂದುಳಿದ ವರ್ಗಗಳಿಗೆ ಸಾಮಾಜಿಕ ನ್ಯಾಯ ಒದಗಿಸಲು ಶ್ರಮಿಸಿದರು. "8 ವರ್ಷಗಳ ಕಾಲ ಮುಖ್ಯಮಂತ್ರಿಯಾಗಿ ಜನ ಮೆಚ್ಚುಗೆಯ ಆಡಳಿತ ನೀಡಿದರು" ಎಂದರು. ಕಾರ್ಯಕ್ರಮದಲ್ಲಿ ಜಿಲ್ಲಾಧಿಕಾರಿ ಎಂ.ಆರ್. ರವಿ, ಅಪರ ಜಿಲ್ಲಾಧಿಕಾರಿ ಮಂಗಳಾ, ಜಿಲ್ಲಾ ಹಿಂದುಳಿದ ವರ್ಗಗಳ ಕಲ್ಯಾಣಾಧಿಕಾರಿ ಶ್ರೀನಿವಾಸ್, ತಹಸೀಲ್ದಾರ್ ನಯನ, ವಿವಿಧ ಸಮುದಾಯಗಳ ಮುಖಂಡರು, ಅಧಿಕಾರಿಗಳು ಹಾಗೂ ಸಾರ್ವಜನಿಕರು ಭಾಗವಹಿಸಿದ್ದರು. ಈ ಸಂದರ್ಭದಲ್ಲಿ ಅತಿ ಹೆಚ್ಚು ಅಂಕ ಪಡೆದ ವಿದ್ಯಾರ್ಥಿಗಳನ್ನು ಅಭಿನಂದಿಸಲಾಯಿತು.
ಜಿಲ್ಲಾ ಕೇಂದ್ರ ಗ್ರಂಥಾಲಯಕ್ಕೆ
ಜಿಲ್ಲಾಧಿಕಾರಿ ದಿಢೀರ್ ಭೇಟಿ
ಕೋಲಾರ: ಕೋಲಾರ ನಗರದ ಪ್ರವಾಸಿ ಭಾಗದಲ್ಲಿರುವ ಡಿ. ಗುಂಡಪ್ಪ ಜಿಲ್ಲಾ ಕೇಂದ್ರ ಗ್ರಂಥಾಲಯಕ್ಕೆ ಮಂಗಳವಾರ ಜಿಲ್ಲಾಧಿಕಾರಿ ಡಾ. ಎಂ.ಆರ್. ರವಿ ದಿಢೀರ್ ಭೇಟಿ ನೀಡಿ, ಪರಿಶೀಲನೆ ನಡೆಸಿದರು. ಗ್ರಂಥಾಲಯದಲ್ಲಿನ ವಾಚನಾಲಯ, ನಿಯತಕಾಲಿಕಗಳ ಕೊಠಡಿ ಸೇರಿದಂತೆ ವಿವಿಧ ವಿಭಾಗಗಳಿಗೆ ಭೇಟಿ ನೀಡಿ, ಓದುಗರು ಹಾಗೂ ಸ್ಪರ್ಧಾತ್ಮಕ ಪರೀಕ್ಷೆಗಳಿಗೆ ತಯಾರಿ ನಡೆಸುತ್ತಿರುವ ವಿದ್ಯಾರ್ಥಿಗಳೊಂದಿಗೆ ಮಾತನಾಡಿದರು. ಸ್ಪರ್ಧಾತ್ಮಕ ಪರೀಕ್ಷಾ ಪುಸ್ತಕಗಳನ್ನು ಹೆಚ್ಚಿಸುವಂತೆ ಹಾಗೂ ಗ್ರಂಥಾಲಯದಲ್ಲಿ ಉತ್ತಮ ಸೌಲಭ್ಯ ಕಲ್ಪಿಸುವಂತೆ ಅಧಿಕಾರಿಗಳಿಗೆ ಸೂಚಿಸಿದರು. ಗ್ರಂಥಾಲಯದ ಆವರಣದಲ್ಲಿ ಸ್ವಚ್ಛತೆ ಕಾಪಾಡಬೇಕು ಎಂದರು.
ನಂತರ ಶೌಚಾಲಯಕ್ಕೆ ಭೇಟಿ ನೀಡಿ, ಶೌಚಾಲಯ ಸ್ವಚ್ಛತೆ ಕಾಪಾಡದೇ ಇರುವುದನ್ನು ಕಂಡು ಸಿಬ್ಬಂದಿಯನ್ನು ತರಾಟೆಗೆ ತೆಗೆದುಕೊಂಡರು. ಕೂಡಲೇ ಸ್ವಚ್ಛಗೊಳಿಸುವಂತೆ ಸೂಚಿಸಿದರು. ಗ್ರಂಥಾಲಯದಲ್ಲಿ ಓದುಗರಿಗೆ ಕುಡಿಯುವ ನೀರಿನ ವ್ಯವಸ್ಥೆ ಕಲ್ಪಿಸಬೇಕು. ಗ್ರಂಥಾಲಯವನ್ನು ಆಧುನೀಕರಣಗೊಳಿಸಿ ಡಿಜಿಟಲ್ ಗ್ರಂಥಾಲಯವಾಗಿ ಪರಿವರ್ತಿಸಲು ಕ್ರಮ ಕೈಗೊಳ್ಳಲಾಗುವುದು ಎಂದು ತಿಳಿಸಿದರು. ಈ ಸಂದರ್ಭದಲ್ಲಿ ಜಿಲ್ಲಾ ಗ್ರಂಥಾಲಯ ಅಧಿಕಾರಿ ಹಾಜರಿದ್ದರು.
